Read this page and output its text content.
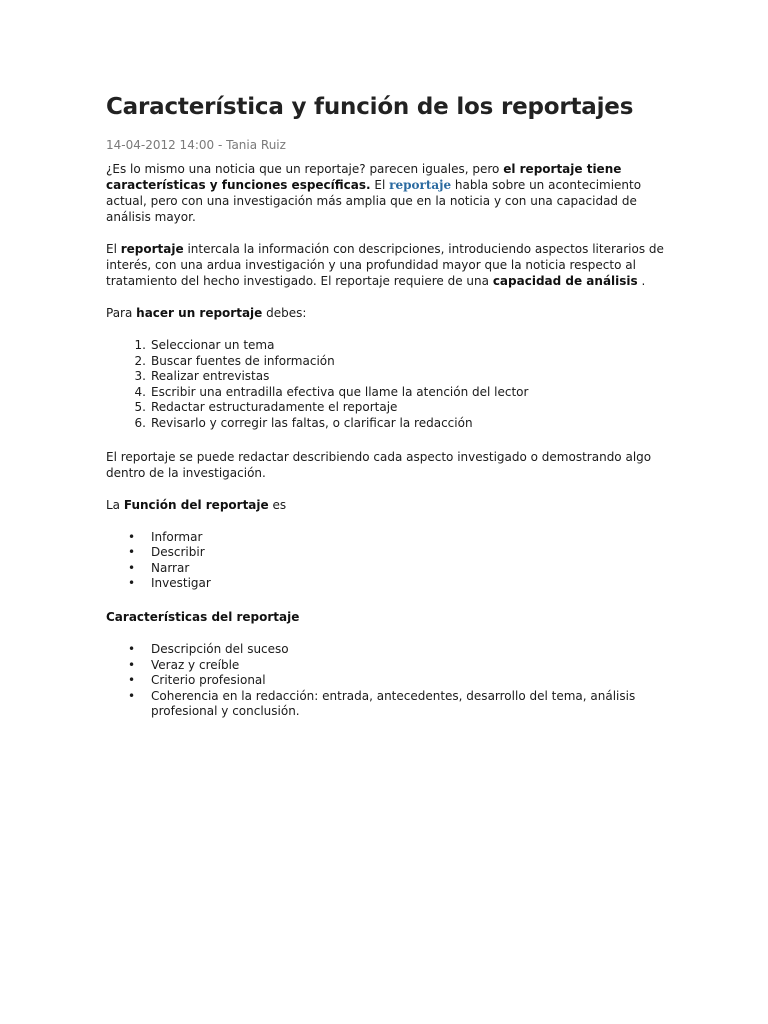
Característica y función de los reportajes
14-04-2012 14:00 - Tania Ruiz

¿Es lo mismo una noticia que un reportaje? parecen iguales, pero el reportaje tiene características y funciones específicas. El reportaje habla sobre un acontecimiento actual, pero con una investigación más amplia que en la noticia y con una capacidad de análisis mayor.

El reportaje intercala la información con descripciones, introduciendo aspectos literarios de interés, con una ardua investigación y una profundidad mayor que la noticia respecto al tratamiento del hecho investigado. El reportaje requiere de una capacidad de análisis .

Para hacer un reportaje debes:

1. Seleccionar un tema
2. Buscar fuentes de información
3. Realizar entrevistas
4. Escribir una entradilla efectiva que llame la atención del lector
5. Redactar estructuradamente el reportaje
6. Revisarlo y corregir las faltas, o clarificar la redacción

El reportaje se puede redactar describiendo cada aspecto investigado o demostrando algo dentro de la investigación.

La Función del reportaje es

• Informar
• Describir
• Narrar
• Investigar

Características del reportaje

• Descripción del suceso
• Veraz y creíble
• Criterio profesional
• Coherencia en la redacción: entrada, antecedentes, desarrollo del tema, análisis profesional y conclusión.
